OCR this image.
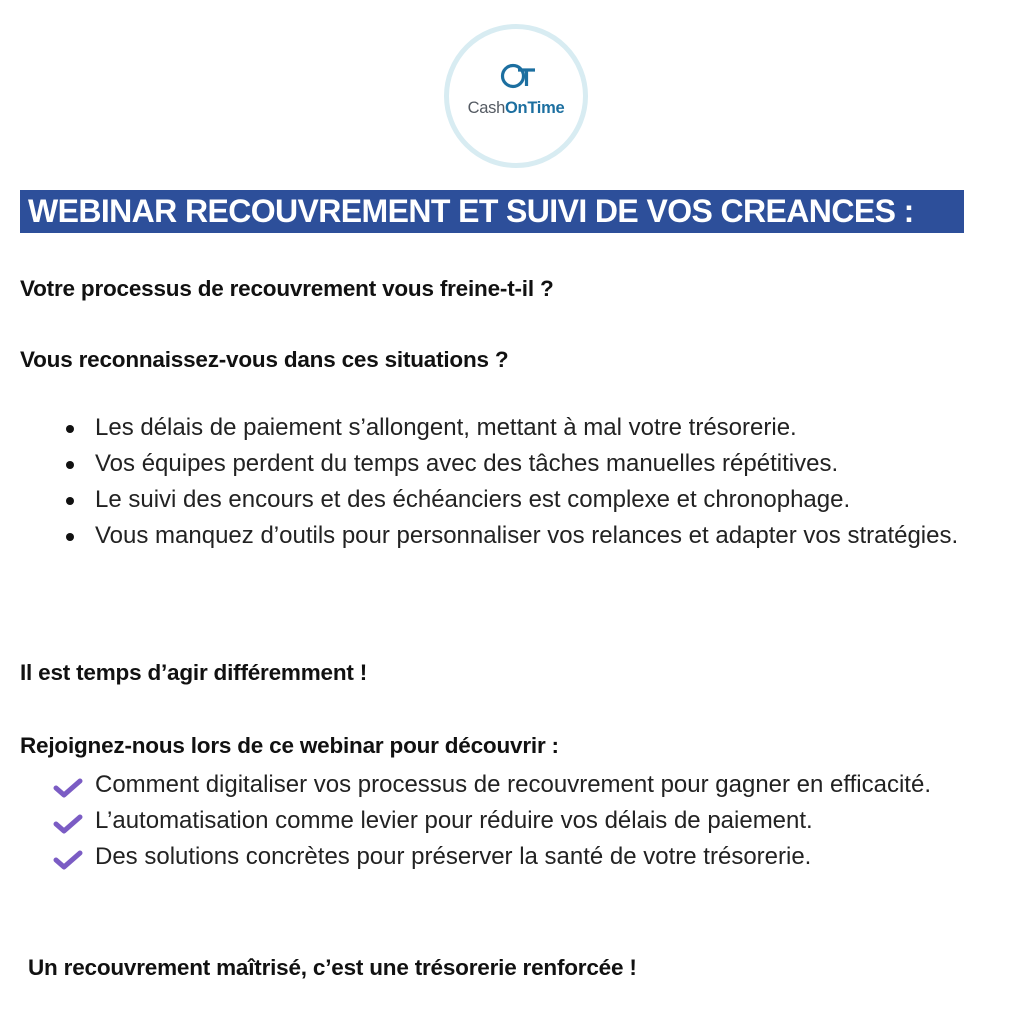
CashOnTime
WEBINAR RECOUVREMENT ET SUIVI DE VOS CREANCES :
Votre processus de recouvrement vous freine-t-il ?
Vous reconnaissez-vous dans ces situations ?
Les délais de paiement s’allongent, mettant à mal votre trésorerie.
Vos équipes perdent du temps avec des tâches manuelles répétitives.
Le suivi des encours et des échéanciers est complexe et chronophage.
Vous manquez d’outils pour personnaliser vos relances et adapter vos stratégies.
Il est temps d’agir différemment !
Rejoignez-nous lors de ce webinar pour découvrir :
Comment digitaliser vos processus de recouvrement pour gagner en efficacité.
L’automatisation comme levier pour réduire vos délais de paiement.
Des solutions concrètes pour préserver la santé de votre trésorerie.
Un recouvrement maîtrisé, c’est une trésorerie renforcée !
